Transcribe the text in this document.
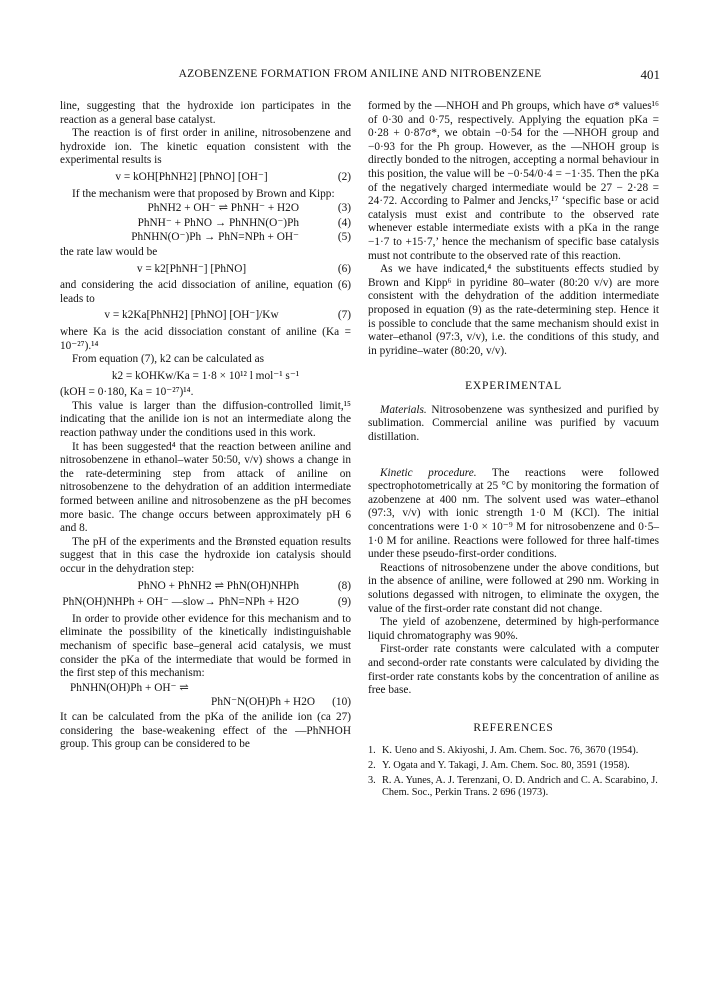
AZOBENZENE FORMATION FROM ANILINE AND NITROBENZENE	401

line, suggesting that the hydroxide ion participates in the reaction as a general base catalyst.

The reaction is of first order in aniline, nitrosobenzene and hydroxide ion. The kinetic equation consistent with the experimental results is

v = kOH[PhNH2] [PhNO] [OH⁻]	(2)

If the mechanism were that proposed by Brown and Kipp:

PhNH2 + OH⁻ ⇌ PhNH⁻ + H2O	(3)
PhNH⁻ + PhNO → PhNHN(O⁻)Ph	(4)
PhNHN(O⁻)Ph → PhN=NPh + OH⁻	(5)

the rate law would be

v = k2[PhNH⁻] [PhNO]	(6)

and considering the acid dissociation of aniline, equation (6) leads to

v = k2Ka[PhNH2] [PhNO] [OH⁻]/Kw	(7)

where Ka is the acid dissociation constant of aniline (Ka = 10⁻²⁷).¹⁴

From equation (7), k2 can be calculated as

k2 = kOHKw/Ka = 1·8 × 10¹² l mol⁻¹ s⁻¹

(kOH = 0·180, Ka = 10⁻²⁷)¹⁴.

This value is larger than the diffusion-controlled limit,¹⁵ indicating that the anilide ion is not an intermediate along the reaction pathway under the conditions used in this work.

It has been suggested⁴ that the reaction between aniline and nitrosobenzene in ethanol–water 50:50, v/v) shows a change in the rate-determining step from attack of aniline on nitrosobenzene to the dehydration of an addition intermediate formed between aniline and nitrosobenzene as the pH becomes more basic. The change occurs between approximately pH 6 and 8.

The pH of the experiments and the Brønsted equation results suggest that in this case the hydroxide ion catalysis should occur in the dehydration step:

PhNO + PhNH2 ⇌ PhN(OH)NHPh	(8)
PhN(OH)NHPh + OH⁻ —slow→ PhN=NPh + H2O	(9)

In order to provide other evidence for this mechanism and to eliminate the possibility of the kinetically indistinguishable mechanism of specific base–general acid catalysis, we must consider the pKa of the intermediate that would be formed in the first step of this mechanism:

PhNHN(OH)Ph + OH⁻ ⇌
PhN⁻N(OH)Ph + H2O	(10)

It can be calculated from the pKa of the anilide ion (ca 27) considering the base-weakening effect of the —PhNHOH group. This group can be considered to be

formed by the —NHOH and Ph groups, which have σ* values¹⁶ of 0·30 and 0·75, respectively. Applying the equation pKa = 0·28 + 0·87σ*, we obtain −0·54 for the —NHOH group and −0·93 for the Ph group. However, as the —NHOH group is directly bonded to the nitrogen, accepting a normal behaviour in this position, the value will be −0·54/0·4 = −1·35. Then the pKa of the negatively charged intermediate would be 27 − 2·28 = 24·72. According to Palmer and Jencks,¹⁷ ‘specific base or acid catalysis must exist and contribute to the observed rate whenever estable intermediate exists with a pKa in the range −1·7 to +15·7,’ hence the mechanism of specific base catalysis must not contribute to the observed rate of this reaction.

As we have indicated,⁴ the substituents effects studied by Brown and Kipp⁶ in pyridine 80–water (80:20 v/v) are more consistent with the dehydration of the addition intermediate proposed in equation (9) as the rate-determining step. Hence it is possible to conclude that the same mechanism should exist in water–ethanol (97:3, v/v), i.e. the conditions of this study, and in pyridine–water (80:20, v/v).

EXPERIMENTAL

Materials. Nitrosobenzene was synthesized and purified by sublimation. Commercial aniline was purified by vacuum distillation.

Kinetic procedure. The reactions were followed spectrophotometrically at 25 °C by monitoring the formation of azobenzene at 400 nm. The solvent used was water–ethanol (97:3, v/v) with ionic strength 1·0 M (KCl). The initial concentrations were 1·0 × 10⁻⁹ M for nitrosobenzene and 0·5–1·0 M for aniline. Reactions were followed for three half-times under these pseudo-first-order conditions.

Reactions of nitrosobenzene under the above conditions, but in the absence of aniline, were followed at 290 nm. Working in solutions degassed with nitrogen, to eliminate the oxygen, the value of the first-order rate constant did not change.

The yield of azobenzene, determined by high-performance liquid chromatography was 90%.

First-order rate constants were calculated with a computer and second-order rate constants were calculated by dividing the first-order rate constants kobs by the concentration of aniline as free base.

REFERENCES
1. K. Ueno and S. Akiyoshi, J. Am. Chem. Soc. 76, 3670 (1954).
2. Y. Ogata and Y. Takagi, J. Am. Chem. Soc. 80, 3591 (1958).
3. R. A. Yunes, A. J. Terenzani, O. D. Andrich and C. A. Scarabino, J. Chem. Soc., Perkin Trans. 2 696 (1973).
